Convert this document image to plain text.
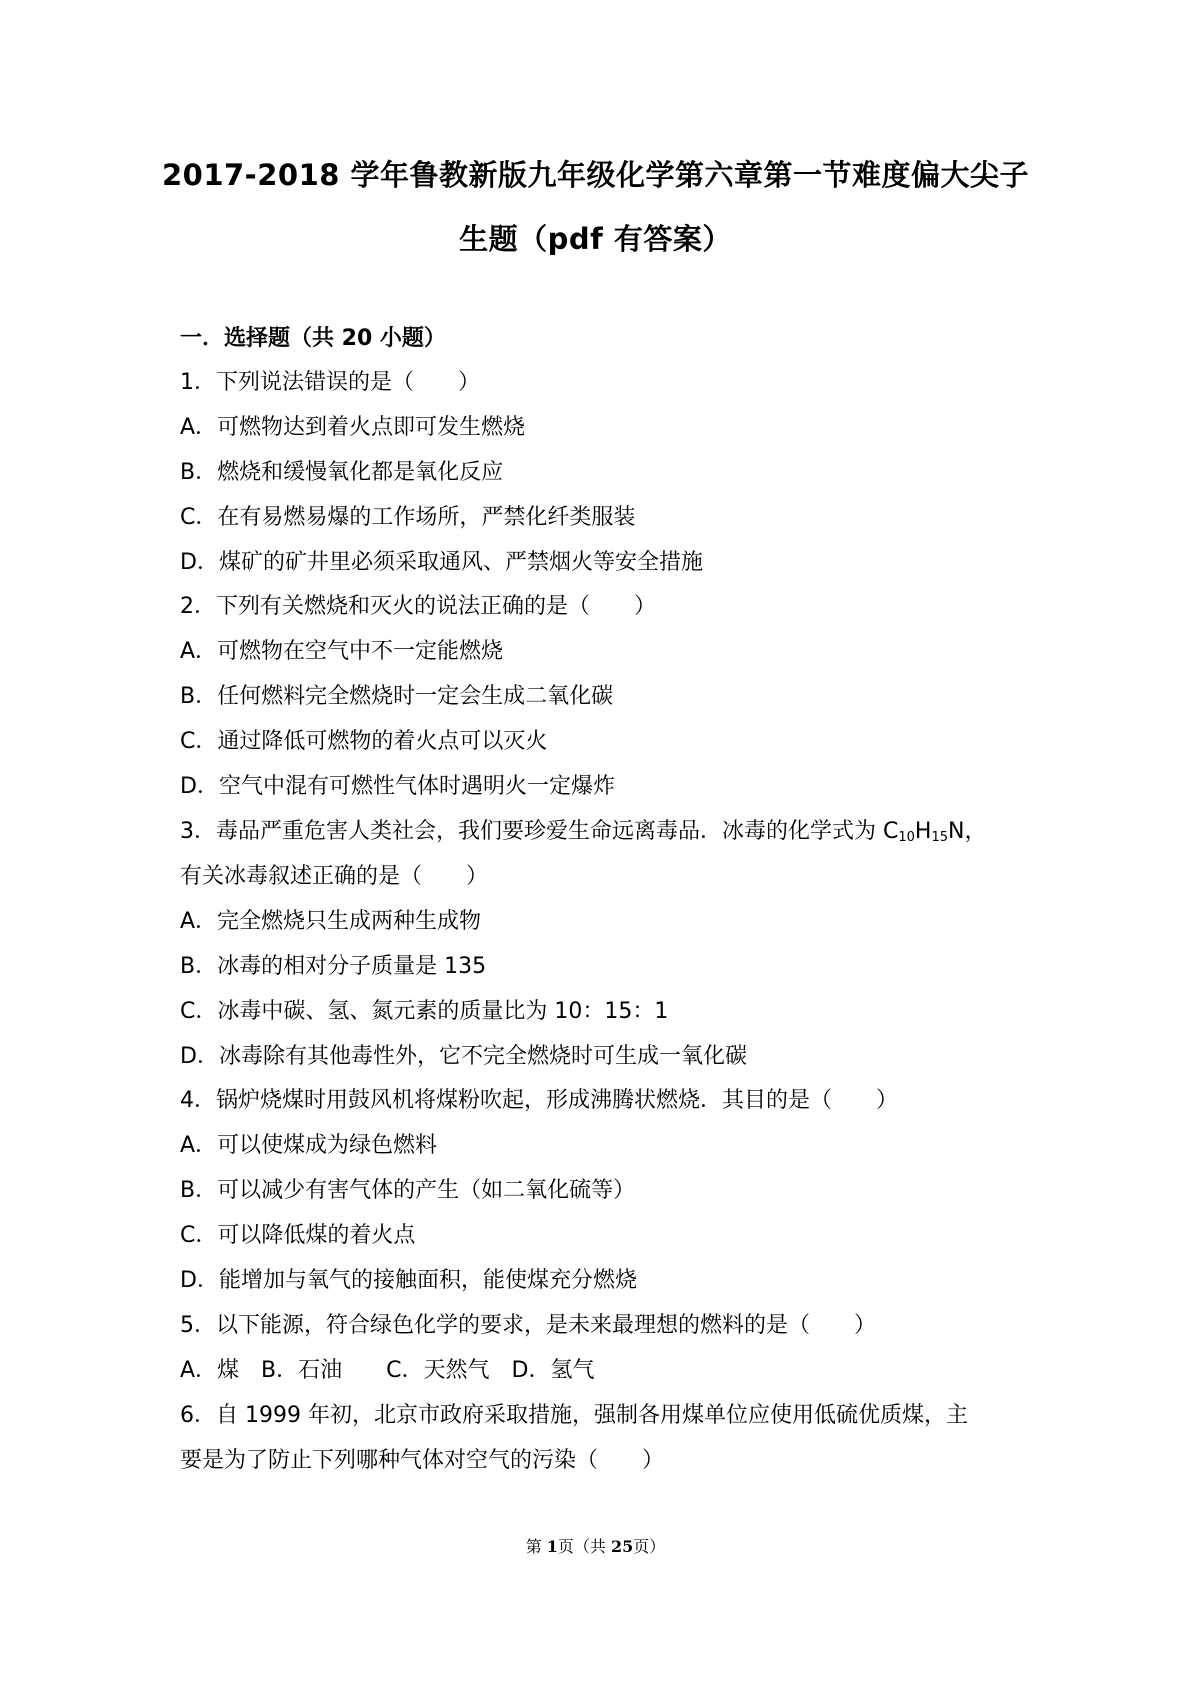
2017-2018 学年鲁教新版九年级化学第六章第一节难度偏大尖子
生题（pdf 有答案）
一．选择题（共 20 小题）
1．下列说法错误的是（　　）
A．可燃物达到着火点即可发生燃烧
B．燃烧和缓慢氧化都是氧化反应
C．在有易燃易爆的工作场所，严禁化纤类服装
D．煤矿的矿井里必须采取通风、严禁烟火等安全措施
2．下列有关燃烧和灭火的说法正确的是（　　）
A．可燃物在空气中不一定能燃烧
B．任何燃料完全燃烧时一定会生成二氧化碳
C．通过降低可燃物的着火点可以灭火
D．空气中混有可燃性气体时遇明火一定爆炸
3．毒品严重危害人类社会，我们要珍爱生命远离毒品．冰毒的化学式为 $C_{10}H_{15}N$，
有关冰毒叙述正确的是（　　）
A．完全燃烧只生成两种生成物
B．冰毒的相对分子质量是 135
C．冰毒中碳、氢、氮元素的质量比为 10：15：1
D．冰毒除有其他毒性外，它不完全燃烧时可生成一氧化碳
4．锅炉烧煤时用鼓风机将煤粉吹起，形成沸腾状燃烧．其目的是（　　）
A．可以使煤成为绿色燃料
B．可以减少有害气体的产生（如二氧化硫等）
C．可以降低煤的着火点
D．能增加与氧气的接触面积，能使煤充分燃烧
5．以下能源，符合绿色化学的要求，是未来最理想的燃料的是（　　）
A．煤　B．石油　　C．天然气　D．氢气
6．自 1999 年初，北京市政府采取措施，强制各用煤单位应使用低硫优质煤，主
要是为了防止下列哪种气体对空气的污染（　　）
第 1页（共 25页）
